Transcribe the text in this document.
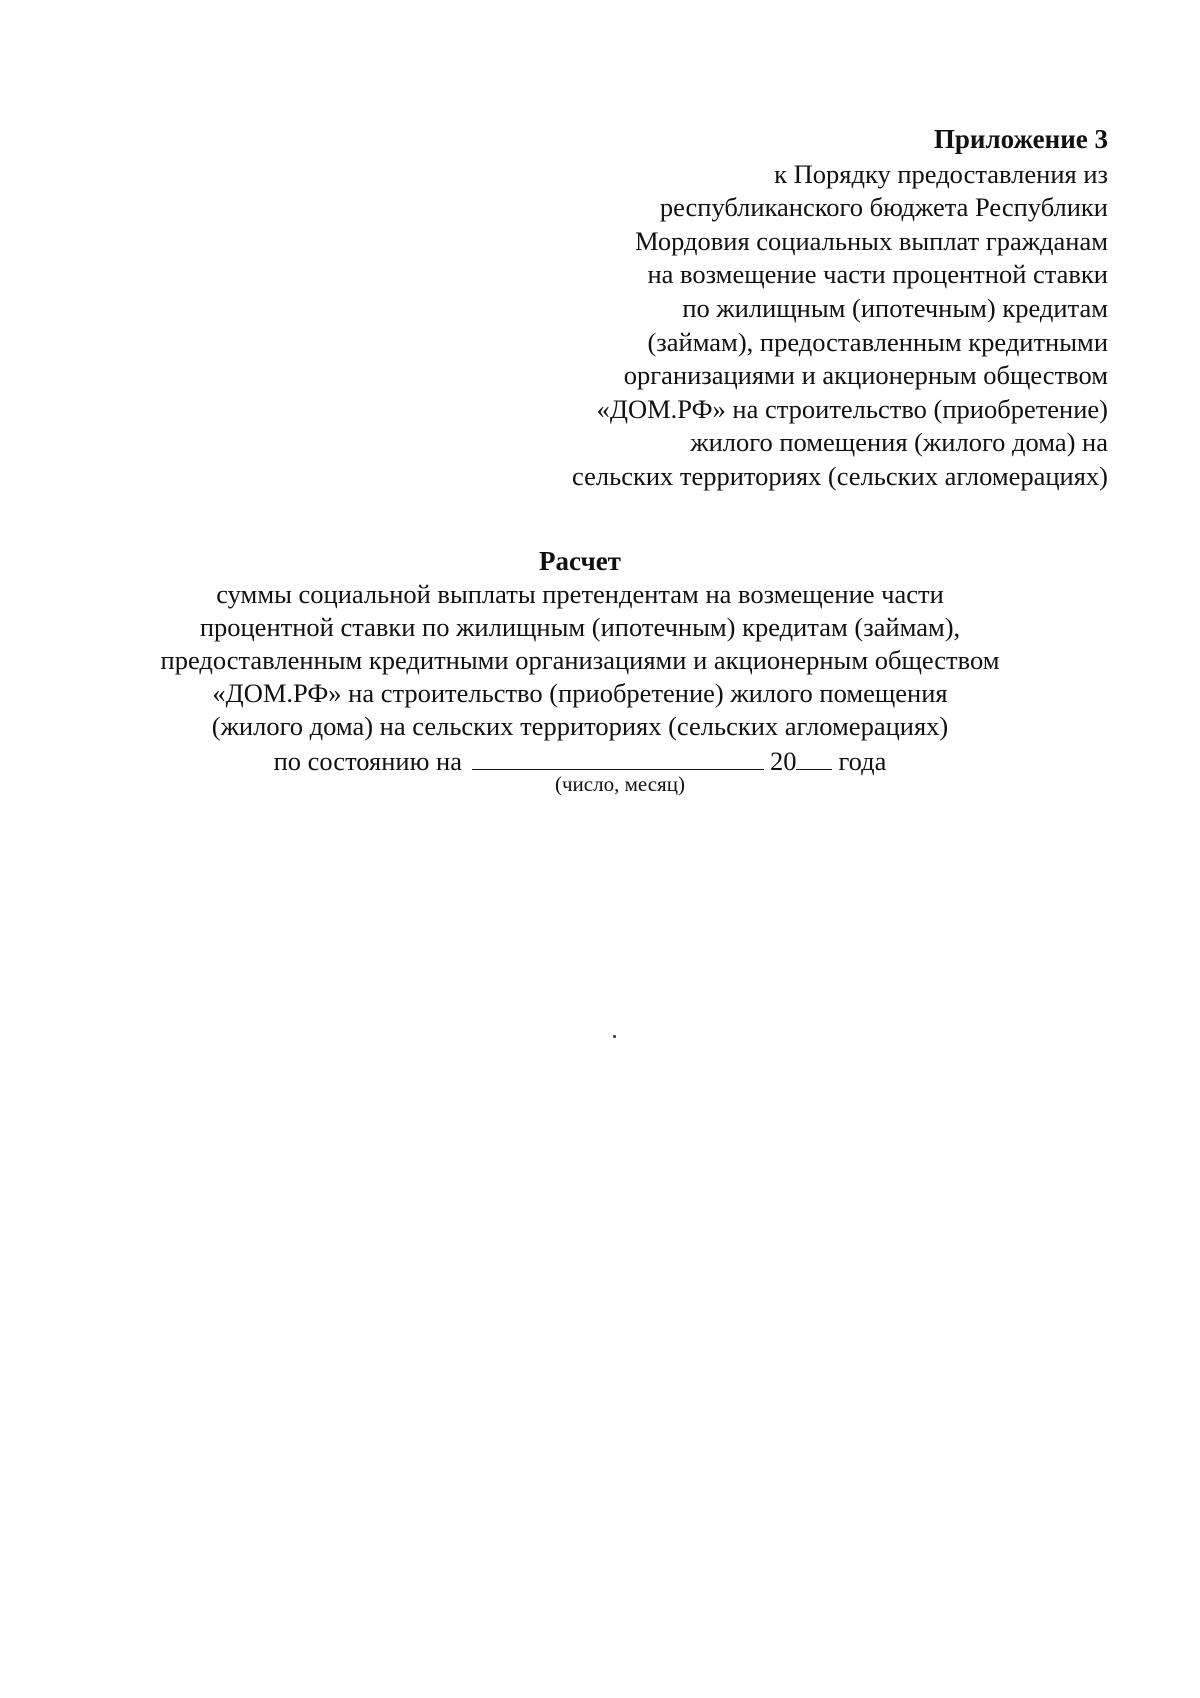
Приложение 3
к Порядку предоставления из
республиканского бюджета Республики
Мордовия социальных выплат гражданам
на возмещение части процентной ставки
по жилищным (ипотечным) кредитам
(займам), предоставленным кредитными
организациями и акционерным обществом
«ДОМ.РФ» на строительство (приобретение)
жилого помещения (жилого дома) на
сельских территориях (сельских агломерациях)
Расчет
суммы социальной выплаты претендентам на возмещение части
процентной ставки по жилищным (ипотечным) кредитам (займам),
предоставленным кредитными организациями и акционерным обществом
«ДОМ.РФ» на строительство (приобретение) жилого помещения
(жилого дома) на сельских территориях (сельских агломерациях)
по состоянию на	20 года
(число, месяц)
